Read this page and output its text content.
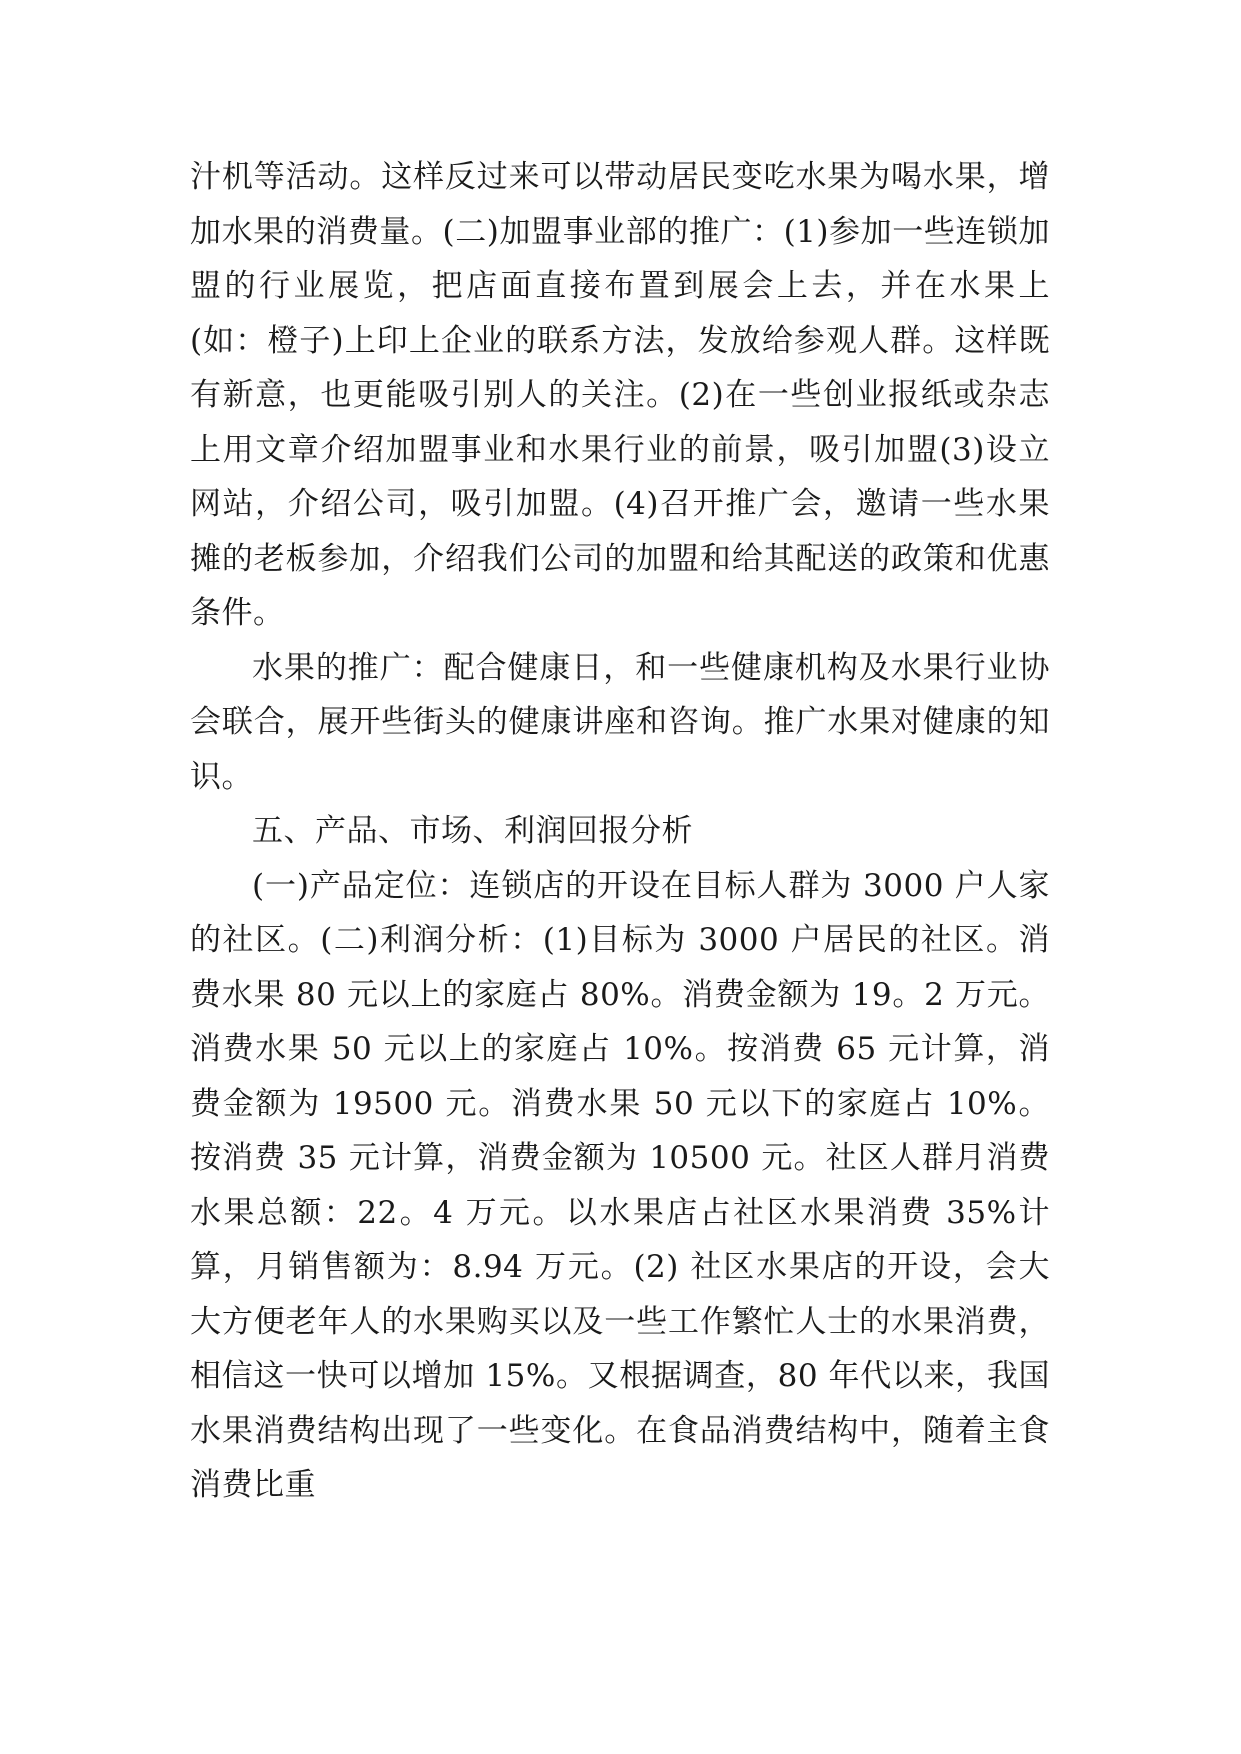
汁机等活动。这样反过来可以带动居民变吃水果为喝水果，增加水果的消费量。(二)加盟事业部的推广：(1)参加一些连锁加盟的行业展览，把店面直接布置到展会上去，并在水果上(如：橙子)上印上企业的联系方法，发放给参观人群。这样既有新意，也更能吸引别人的关注。(2)在一些创业报纸或杂志上用文章介绍加盟事业和水果行业的前景，吸引加盟(3)设立网站，介绍公司，吸引加盟。(4)召开推广会，邀请一些水果摊的老板参加，介绍我们公司的加盟和给其配送的政策和优惠条件。

水果的推广：配合健康日，和一些健康机构及水果行业协会联合，展开些街头的健康讲座和咨询。推广水果对健康的知识。

五、产品、市场、利润回报分析

(一)产品定位：连锁店的开设在目标人群为 3000 户人家的社区。(二)利润分析：(1)目标为 3000 户居民的社区。消费水果 80 元以上的家庭占 80%。消费金额为 19。2 万元。消费水果 50 元以上的家庭占 10%。按消费 65 元计算，消费金额为 19500 元。消费水果 50 元以下的家庭占 10%。按消费 35 元计算，消费金额为 10500 元。社区人群月消费水果总额：22。4 万元。以水果店占社区水果消费 35%计算，月销售额为：8.94 万元。(2) 社区水果店的开设，会大大方便老年人的水果购买以及一些工作繁忙人士的水果消费，相信这一快可以增加 15%。又根据调查，80 年代以来，我国水果消费结构出现了一些变化。在食品消费结构中，随着主食消费比重
